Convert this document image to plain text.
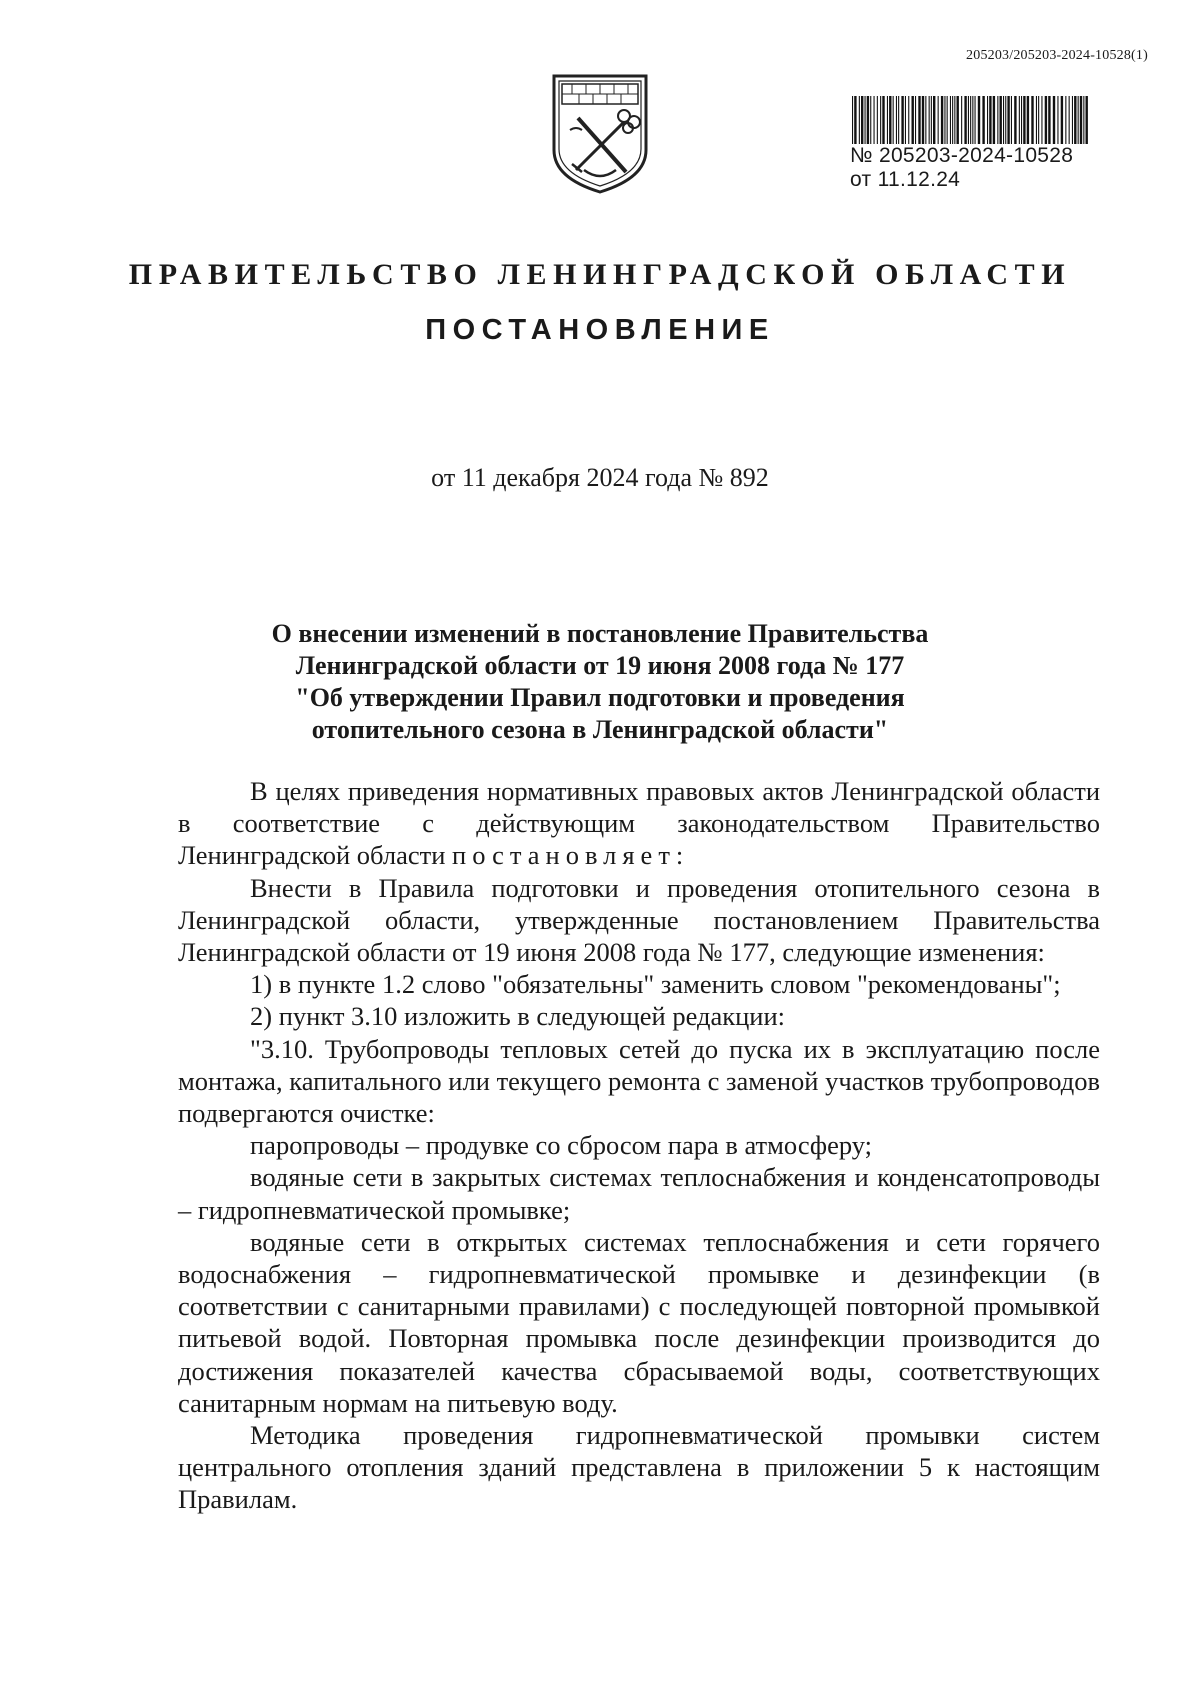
205203/205203-2024-10528(1)
№ 205203-2024-10528
от 11.12.24
ПРАВИТЕЛЬСТВО ЛЕНИНГРАДСКОЙ ОБЛАСТИ
ПОСТАНОВЛЕНИЕ
от 11 декабря 2024 года № 892
О внесении изменений в постановление Правительства
Ленинградской области от 19 июня 2008 года № 177
"Об утверждении Правил подготовки и проведения
отопительного сезона в Ленинградской области"

В целях приведения нормативных правовых актов Ленинградской области в соответствие с действующим законодательством Правительство Ленинградской области постановляет:

Внести в Правила подготовки и проведения отопительного сезона в Ленинградской области, утвержденные постановлением Правительства Ленинградской области от 19 июня 2008 года № 177, следующие изменения:

1) в пункте 1.2 слово "обязательны" заменить словом "рекомендованы";

2) пункт 3.10 изложить в следующей редакции:

"3.10. Трубопроводы тепловых сетей до пуска их в эксплуатацию после монтажа, капитального или текущего ремонта с заменой участков трубопроводов подвергаются очистке:

паропроводы – продувке со сбросом пара в атмосферу;

водяные сети в закрытых системах теплоснабжения и конденсатопроводы – гидропневматической промывке;

водяные сети в открытых системах теплоснабжения и сети горячего водоснабжения – гидропневматической промывке и дезинфекции (в соответствии с санитарными правилами) с последующей повторной промывкой питьевой водой. Повторная промывка после дезинфекции производится до достижения показателей качества сбрасываемой воды, соответствующих санитарным нормам на питьевую воду.

Методика проведения гидропневматической промывки систем центрального отопления зданий представлена в приложении 5 к настоящим Правилам.
